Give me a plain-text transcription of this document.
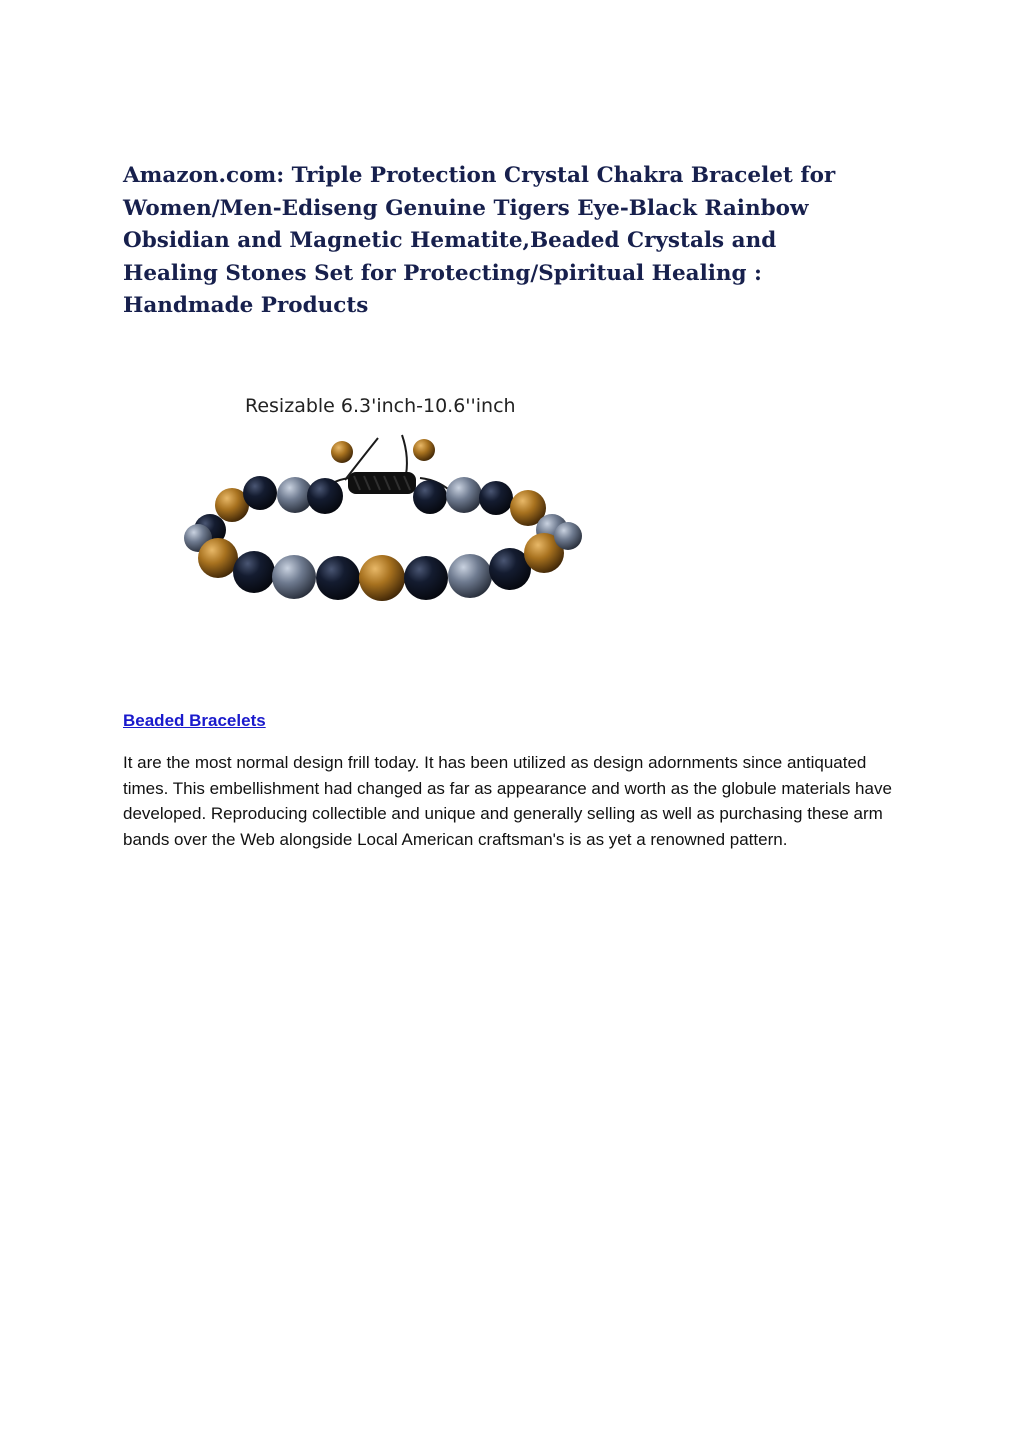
Amazon.com: Triple Protection Crystal Chakra Bracelet for Women/Men-Ediseng Genuine Tigers Eye-Black Rainbow Obsidian and Magnetic Hematite,Beaded Crystals and Healing Stones Set for Protecting/Spiritual Healing : Handmade Products
Resizable 6.3'inch-10.6''inch
Beaded Bracelets

It are the most normal design frill today. It has been utilized as design adornments since antiquated times. This embellishment had changed as far as appearance and worth as the globule materials have developed. Reproducing collectible and unique and generally selling as well as purchasing these arm bands over the Web alongside Local American craftsman's is as yet a renowned pattern.
